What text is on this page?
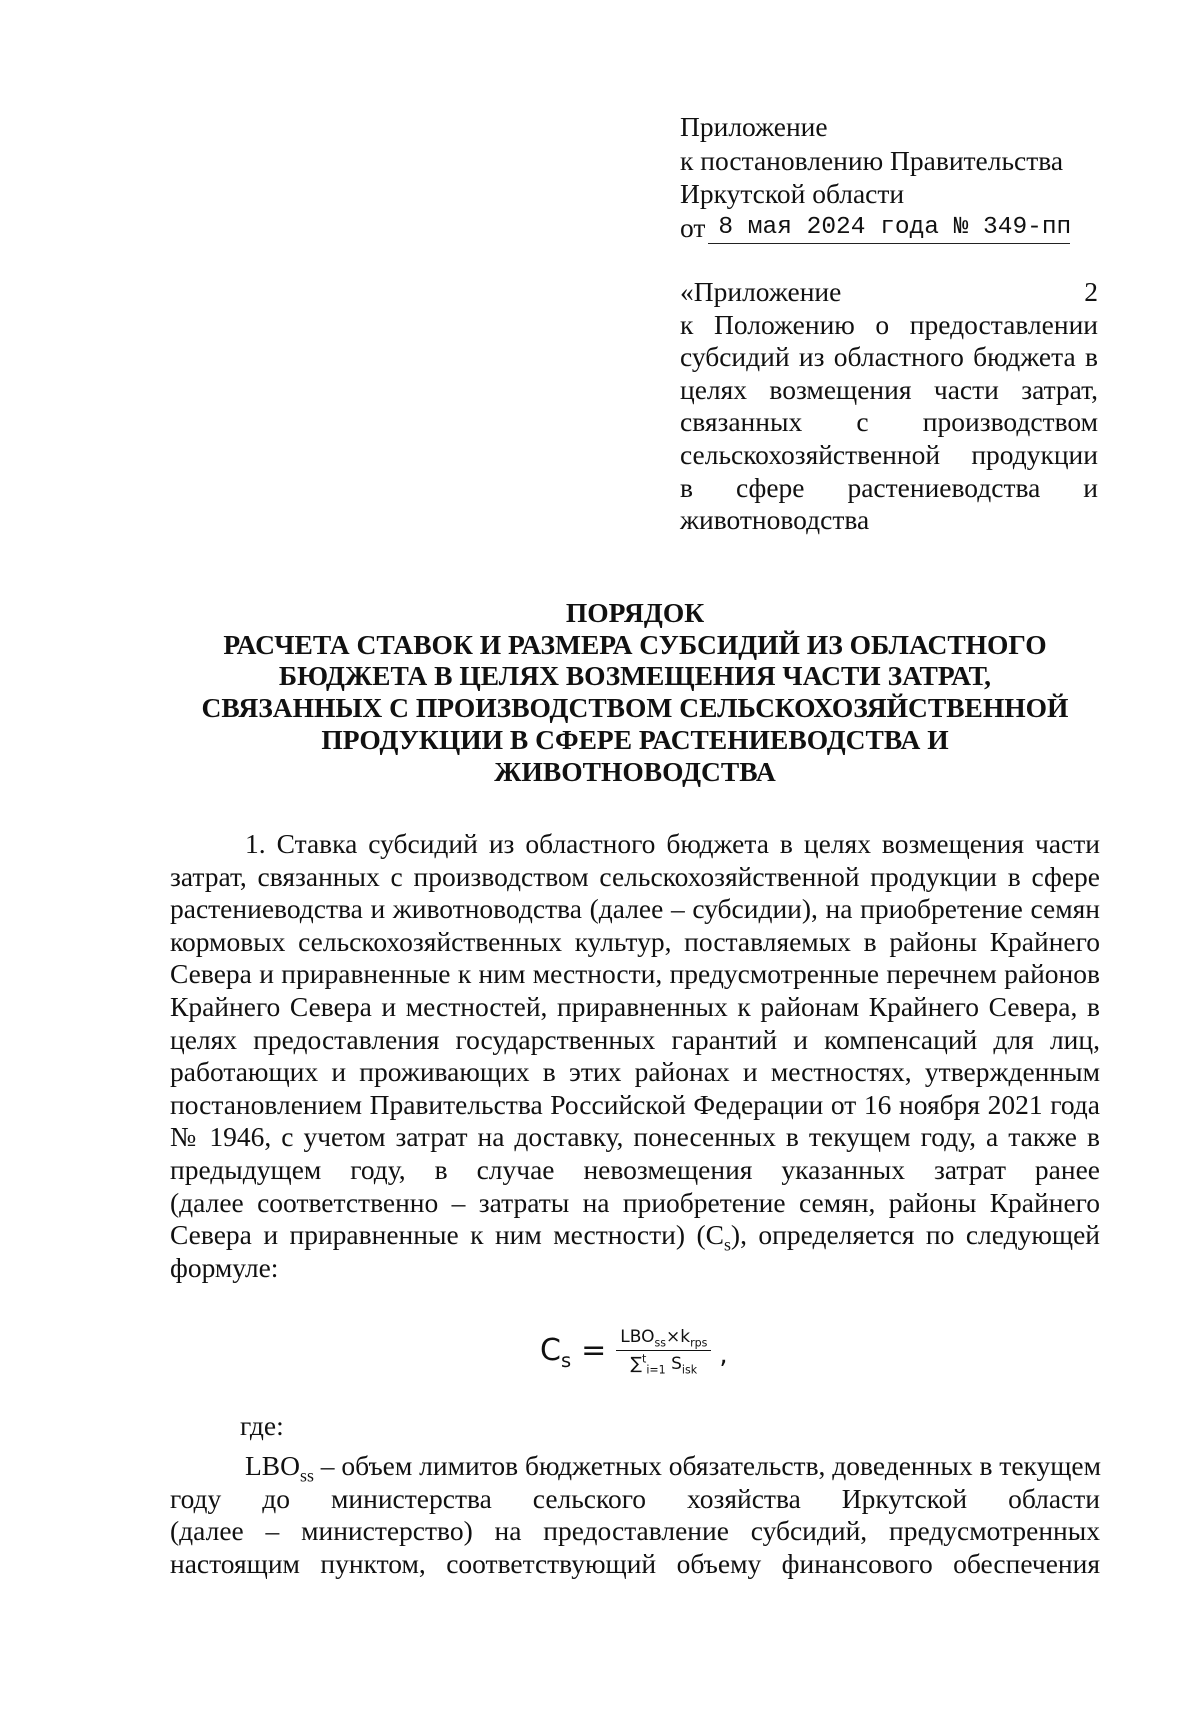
Приложение
к постановлению Правительства
Иркутской области
от 8 мая 2024 года № 349-пп
«Приложение 2
к Положению о предоставлении
субсидий из областного бюджета в
целях возмещения части затрат,
связанных с производством
сельскохозяйственной продукции
в сфере растениеводства и
животноводства
ПОРЯДОК
РАСЧЕТА СТАВОК И РАЗМЕРА СУБСИДИЙ ИЗ ОБЛАСТНОГО
БЮДЖЕТА В ЦЕЛЯХ ВОЗМЕЩЕНИЯ ЧАСТИ ЗАТРАТ,
СВЯЗАННЫХ С ПРОИЗВОДСТВОМ СЕЛЬСКОХОЗЯЙСТВЕННОЙ
ПРОДУКЦИИ В СФЕРЕ РАСТЕНИЕВОДСТВА И
ЖИВОТНОВОДСТВА
1. Ставка субсидий из областного бюджета в целях возмещения части
затрат, связанных с производством сельскохозяйственной продукции в сфере
растениеводства и животноводства (далее – субсидии), на приобретение семян
кормовых сельскохозяйственных культур, поставляемых в районы Крайнего
Севера и приравненные к ним местности, предусмотренные перечнем районов
Крайнего Севера и местностей, приравненных к районам Крайнего Севера, в
целях предоставления государственных гарантий и компенсаций для лиц,
работающих и проживающих в этих районах и местностях, утвержденным
постановлением Правительства Российской Федерации от 16 ноября 2021 года
№ 1946, с учетом затрат на доставку, понесенных в текущем году, а также в
предыдущем году, в случае невозмещения указанных затрат ранее
(далее соответственно – затраты на приобретение семян, районы Крайнего
Севера и приравненные к ним местности) $(C_s)$, определяется по следующей
формуле:
$C_s = \frac{LBO_{ss}\times k_{rps}}{\sum^t_{i=1} S_{isk}}$ ,
где:
$LBO_{ss}$ – объем лимитов бюджетных обязательств, доведенных в текущем
году до министерства сельского хозяйства Иркутской области
(далее – министерство) на предоставление субсидий, предусмотренных
настоящим пунктом, соответствующий объему финансового обеспечения
